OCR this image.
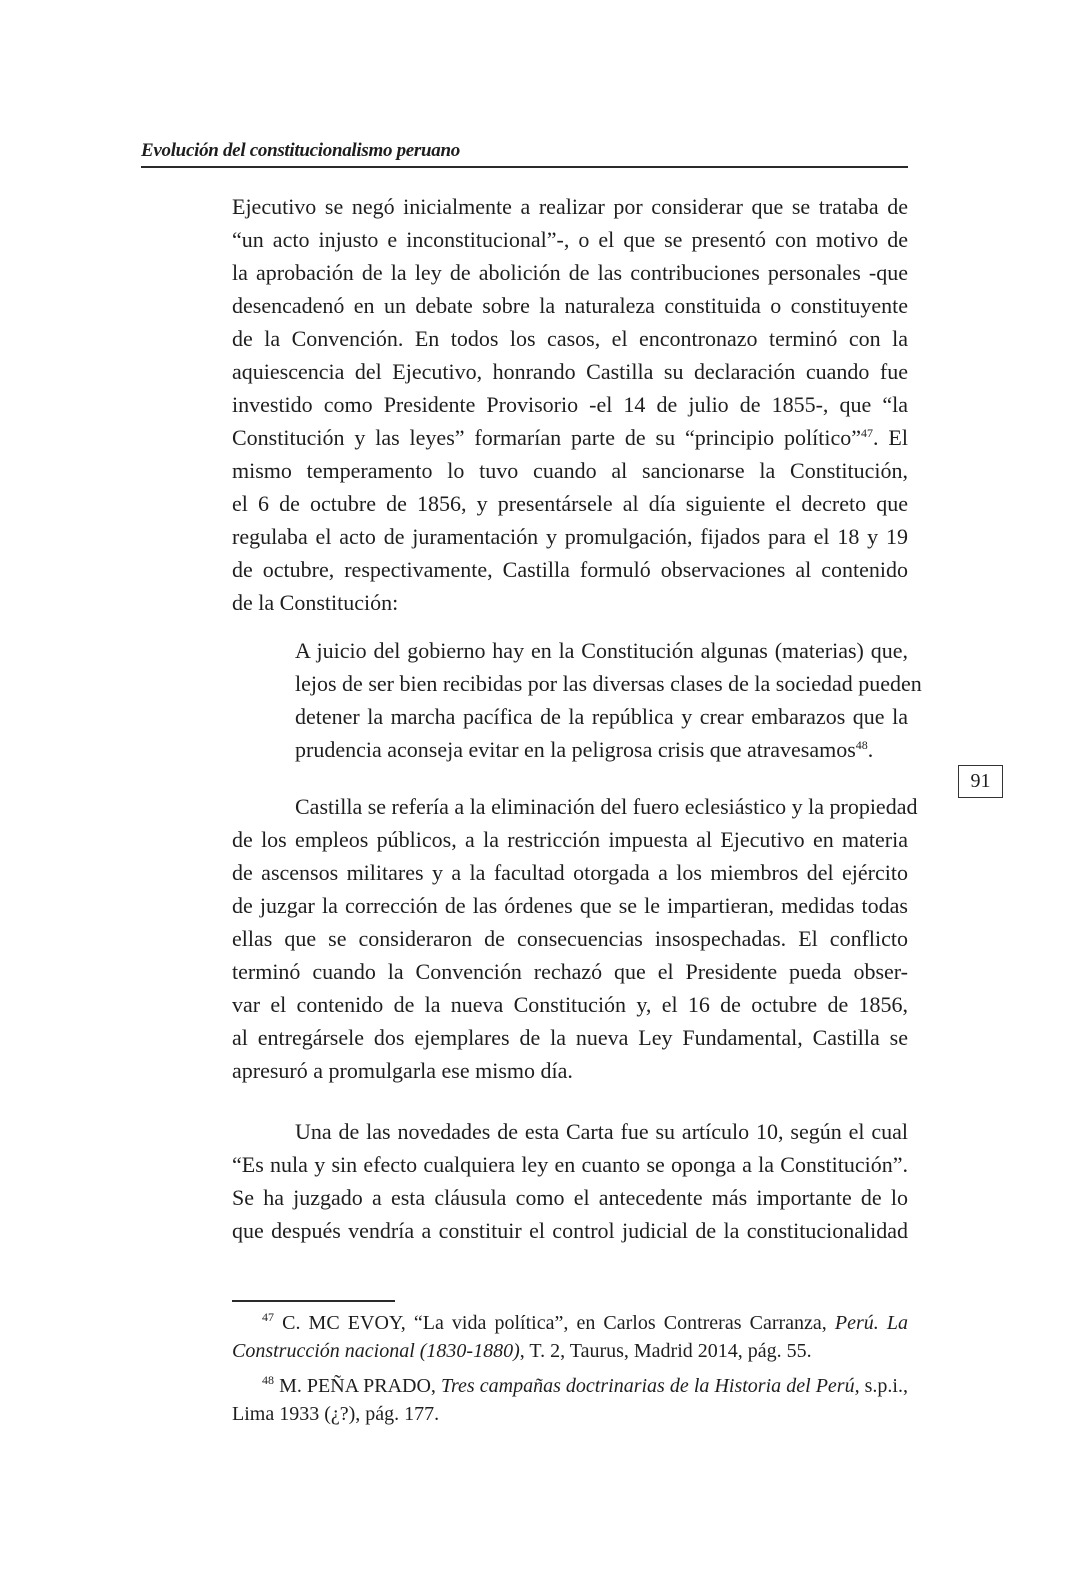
Evolución del constitucionalismo peruano
Ejecutivo se negó inicialmente a realizar por considerar que se trataba de
“un acto injusto e inconstitucional”-, o el que se presentó con motivo de
la aprobación de la ley de abolición de las contribuciones personales -que
desencadenó en un debate sobre la naturaleza constituida o constituyente
de la Convención. En todos los casos, el encontronazo terminó con la
aquiescencia del Ejecutivo, honrando Castilla su declaración cuando fue
investido como Presidente Provisorio -el 14 de julio de 1855-, que “la
Constitución y las leyes” formarían parte de su “principio político”$^{47}$. El
mismo temperamento lo tuvo cuando al sancionarse la Constitución,
el 6 de octubre de 1856, y presentársele al día siguiente el decreto que
regulaba el acto de juramentación y promulgación, fijados para el 18 y 19
de octubre, respectivamente, Castilla formuló observaciones al contenido
de la Constitución:
A juicio del gobierno hay en la Constitución algunas (materias) que,
lejos de ser bien recibidas por las diversas clases de la sociedad pueden
detener la marcha pacífica de la república y crear embarazos que la
prudencia aconseja evitar en la peligrosa crisis que atravesamos$^{48}$.
Castilla se refería a la eliminación del fuero eclesiástico y la propiedad
de los empleos públicos, a la restricción impuesta al Ejecutivo en materia
de ascensos militares y a la facultad otorgada a los miembros del ejército
de juzgar la corrección de las órdenes que se le impartieran, medidas todas
ellas que se consideraron de consecuencias insospechadas. El conflicto
terminó cuando la Convención rechazó que el Presidente pueda obser-
var el contenido de la nueva Constitución y, el 16 de octubre de 1856,
al entregársele dos ejemplares de la nueva Ley Fundamental, Castilla se
apresuró a promulgarla ese mismo día.
Una de las novedades de esta Carta fue su artículo 10, según el cual
“Es nula y sin efecto cualquiera ley en cuanto se oponga a la Constitución”.
Se ha juzgado a esta cláusula como el antecedente más importante de lo
que después vendría a constituir el control judicial de la constitucionalidad
91
$^{47}$ C. MC EVOY, “La vida política”, en Carlos Contreras Carranza, Perú. La
Construcción nacional (1830-1880), T. 2, Taurus, Madrid 2014, pág. 55.
$^{48}$ M. PEÑA PRADO, Tres campañas doctrinarias de la Historia del Perú, s.p.i.,
Lima 1933 (¿?), pág. 177.
